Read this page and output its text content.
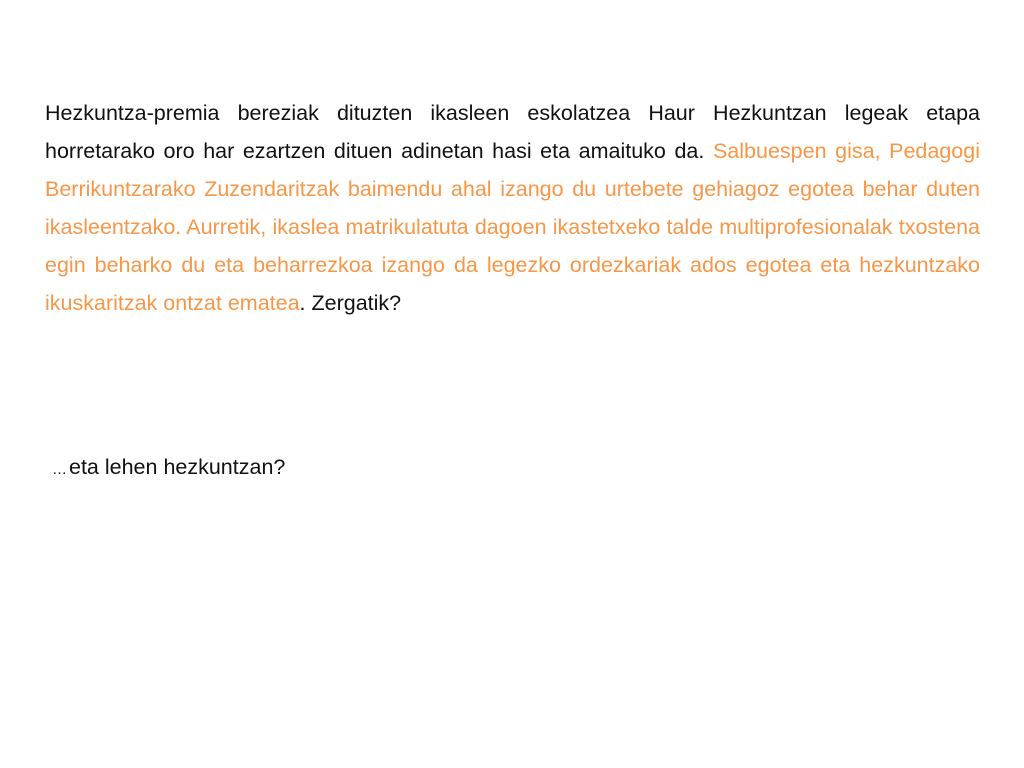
Hezkuntza-premia bereziak dituzten ikasleen eskolatzea Haur Hezkuntzan legeak etapa horretarako oro har ezartzen dituen adinetan hasi eta amaituko da. Salbuespen gisa, Pedagogi Berrikuntzarako Zuzendaritzak baimendu ahal izango du urtebete gehiagoz egotea behar duten ikasleentzako. Aurretik, ikaslea matrikulatuta dagoen ikastetxeko talde multiprofesionalak txostena egin beharko du eta beharrezkoa izango da legezko ordezkariak ados egotea eta hezkuntzako ikuskaritzak ontzat ematea. Zergatik?

…eta lehen hezkuntzan?
